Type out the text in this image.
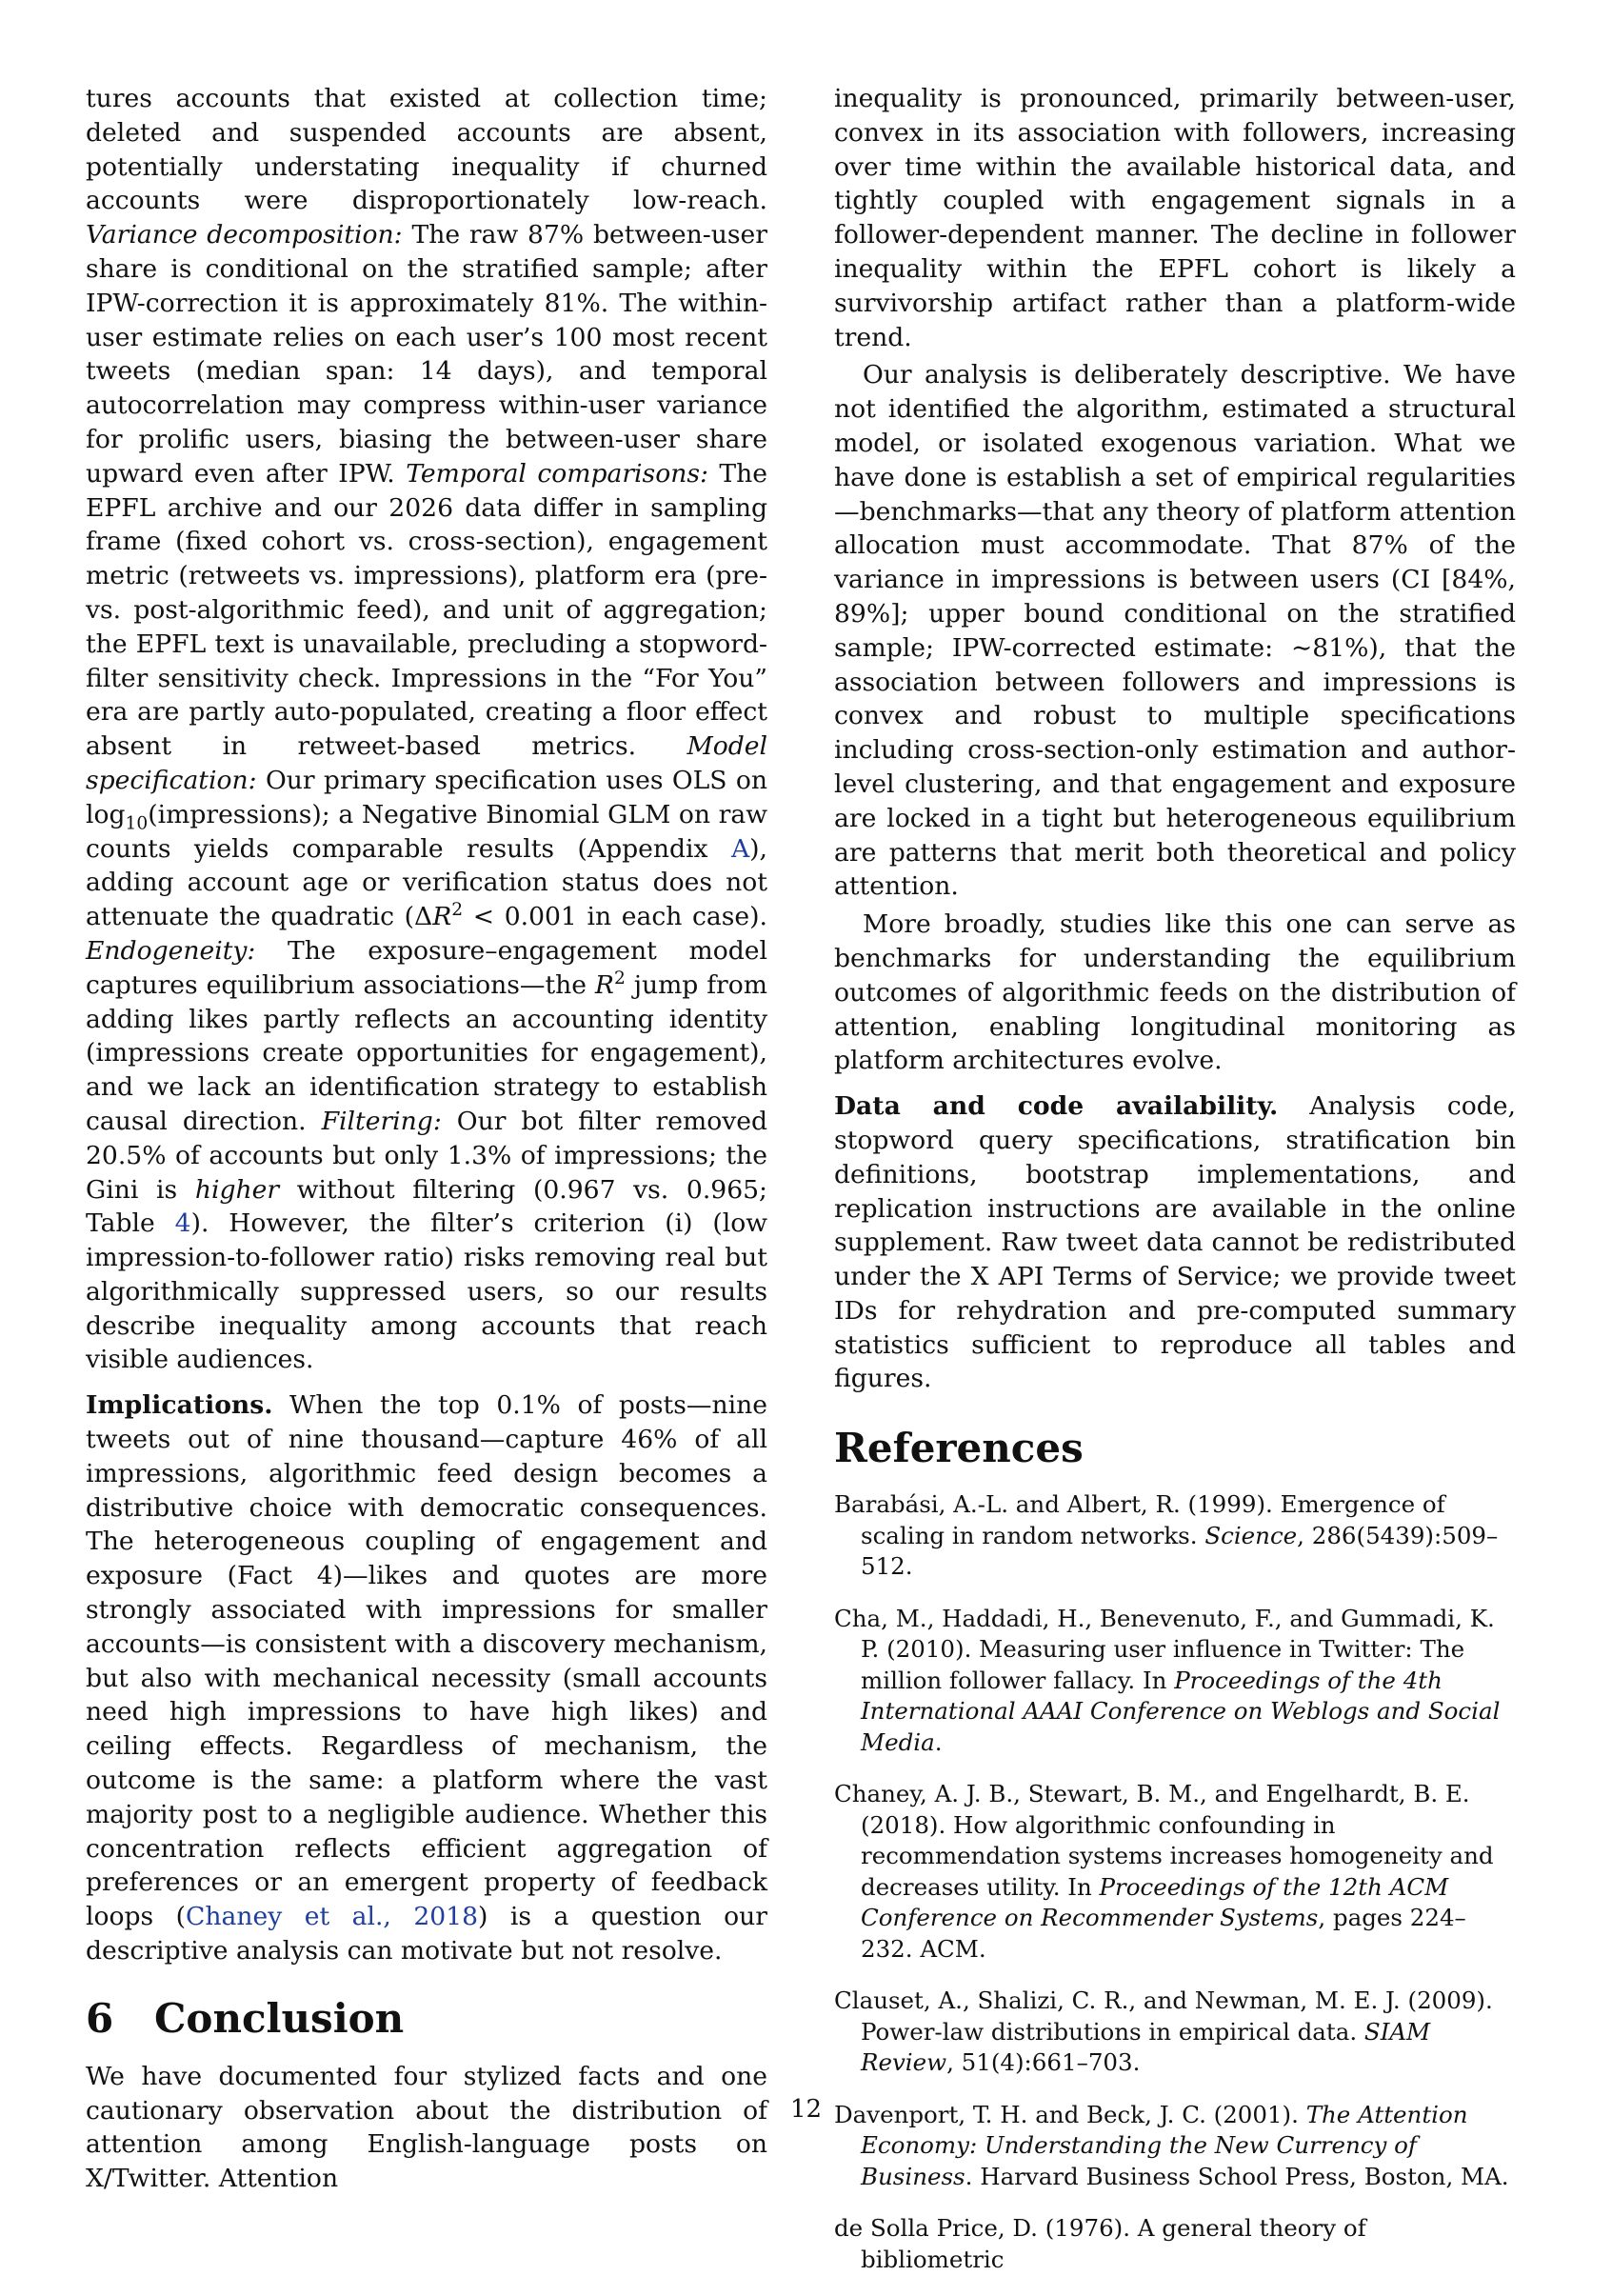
tures accounts that existed at collection time; deleted and suspended accounts are absent, potentially understating inequality if churned accounts were disproportionately low-reach. Variance decomposition: The raw 87% between-user share is conditional on the stratified sample; after IPW-correction it is approximately 81%. The within-user estimate relies on each user’s 100 most recent tweets (median span: 14 days), and temporal autocorrelation may compress within-user variance for prolific users, biasing the between-user share upward even after IPW. Temporal comparisons: The EPFL archive and our 2026 data differ in sampling frame (fixed cohort vs. cross-section), engagement metric (retweets vs. impressions), platform era (pre- vs. post-algorithmic feed), and unit of aggregation; the EPFL text is unavailable, precluding a stopword-filter sensitivity check. Impressions in the “For You” era are partly auto-populated, creating a floor effect absent in retweet-based metrics. Model specification: Our primary specification uses OLS on $\log_{10}(impressions)$; a Negative Binomial GLM on raw counts yields comparable results (Appendix A), adding account age or verification status does not attenuate the quadratic ($\Delta R^2 < 0.001$ in each case). Endogeneity: The exposure–engagement model captures equilibrium associations—the $R^2$ jump from adding likes partly reflects an accounting identity (impressions create opportunities for engagement), and we lack an identification strategy to establish causal direction. Filtering: Our bot filter removed 20.5% of accounts but only 1.3% of impressions; the Gini is higher without filtering (0.967 vs. 0.965; Table 4). However, the filter’s criterion (i) (low impression-to-follower ratio) risks removing real but algorithmically suppressed users, so our results describe inequality among accounts that reach visible audiences.

Implications. When the top 0.1% of posts—nine tweets out of nine thousand—capture 46% of all impressions, algorithmic feed design becomes a distributive choice with democratic consequences. The heterogeneous coupling of engagement and exposure (Fact 4)—likes and quotes are more strongly associated with impressions for smaller accounts—is consistent with a discovery mechanism, but also with mechanical necessity (small accounts need high impressions to have high likes) and ceiling effects. Regardless of mechanism, the outcome is the same: a platform where the vast majority post to a negligible audience. Whether this concentration reflects efficient aggregation of preferences or an emergent property of feedback loops (Chaney et al., 2018) is a question our descriptive analysis can motivate but not resolve.

6 Conclusion

We have documented four stylized facts and one cautionary observation about the distribution of attention among English-language posts on X/Twitter. Attention

inequality is pronounced, primarily between-user, convex in its association with followers, increasing over time within the available historical data, and tightly coupled with engagement signals in a follower-dependent manner. The decline in follower inequality within the EPFL cohort is likely a survivorship artifact rather than a platform-wide trend.

Our analysis is deliberately descriptive. We have not identified the algorithm, estimated a structural model, or isolated exogenous variation. What we have done is establish a set of empirical regularities—benchmarks—that any theory of platform attention allocation must accommodate. That 87% of the variance in impressions is between users (CI [84%, 89%]; upper bound conditional on the stratified sample; IPW-corrected estimate: ∼81%), that the association between followers and impressions is convex and robust to multiple specifications including cross-section-only estimation and author-level clustering, and that engagement and exposure are locked in a tight but heterogeneous equilibrium are patterns that merit both theoretical and policy attention.

More broadly, studies like this one can serve as benchmarks for understanding the equilibrium outcomes of algorithmic feeds on the distribution of attention, enabling longitudinal monitoring as platform architectures evolve.

Data and code availability. Analysis code, stopword query specifications, stratification bin definitions, bootstrap implementations, and replication instructions are available in the online supplement. Raw tweet data cannot be redistributed under the X API Terms of Service; we provide tweet IDs for rehydration and pre-computed summary statistics sufficient to reproduce all tables and figures.

References

Barabási, A.-L. and Albert, R. (1999). Emergence of scaling in random networks. Science, 286(5439):509–512.

Cha, M., Haddadi, H., Benevenuto, F., and Gummadi, K. P. (2010). Measuring user influence in Twitter: The million follower fallacy. In Proceedings of the 4th International AAAI Conference on Weblogs and Social Media.

Chaney, A. J. B., Stewart, B. M., and Engelhardt, B. E. (2018). How algorithmic confounding in recommendation systems increases homogeneity and decreases utility. In Proceedings of the 12th ACM Conference on Recommender Systems, pages 224–232. ACM.

Clauset, A., Shalizi, C. R., and Newman, M. E. J. (2009). Power-law distributions in empirical data. SIAM Review, 51(4):661–703.

Davenport, T. H. and Beck, J. C. (2001). The Attention Economy: Understanding the New Currency of Business. Harvard Business School Press, Boston, MA.

de Solla Price, D. (1976). A general theory of bibliometric

12
